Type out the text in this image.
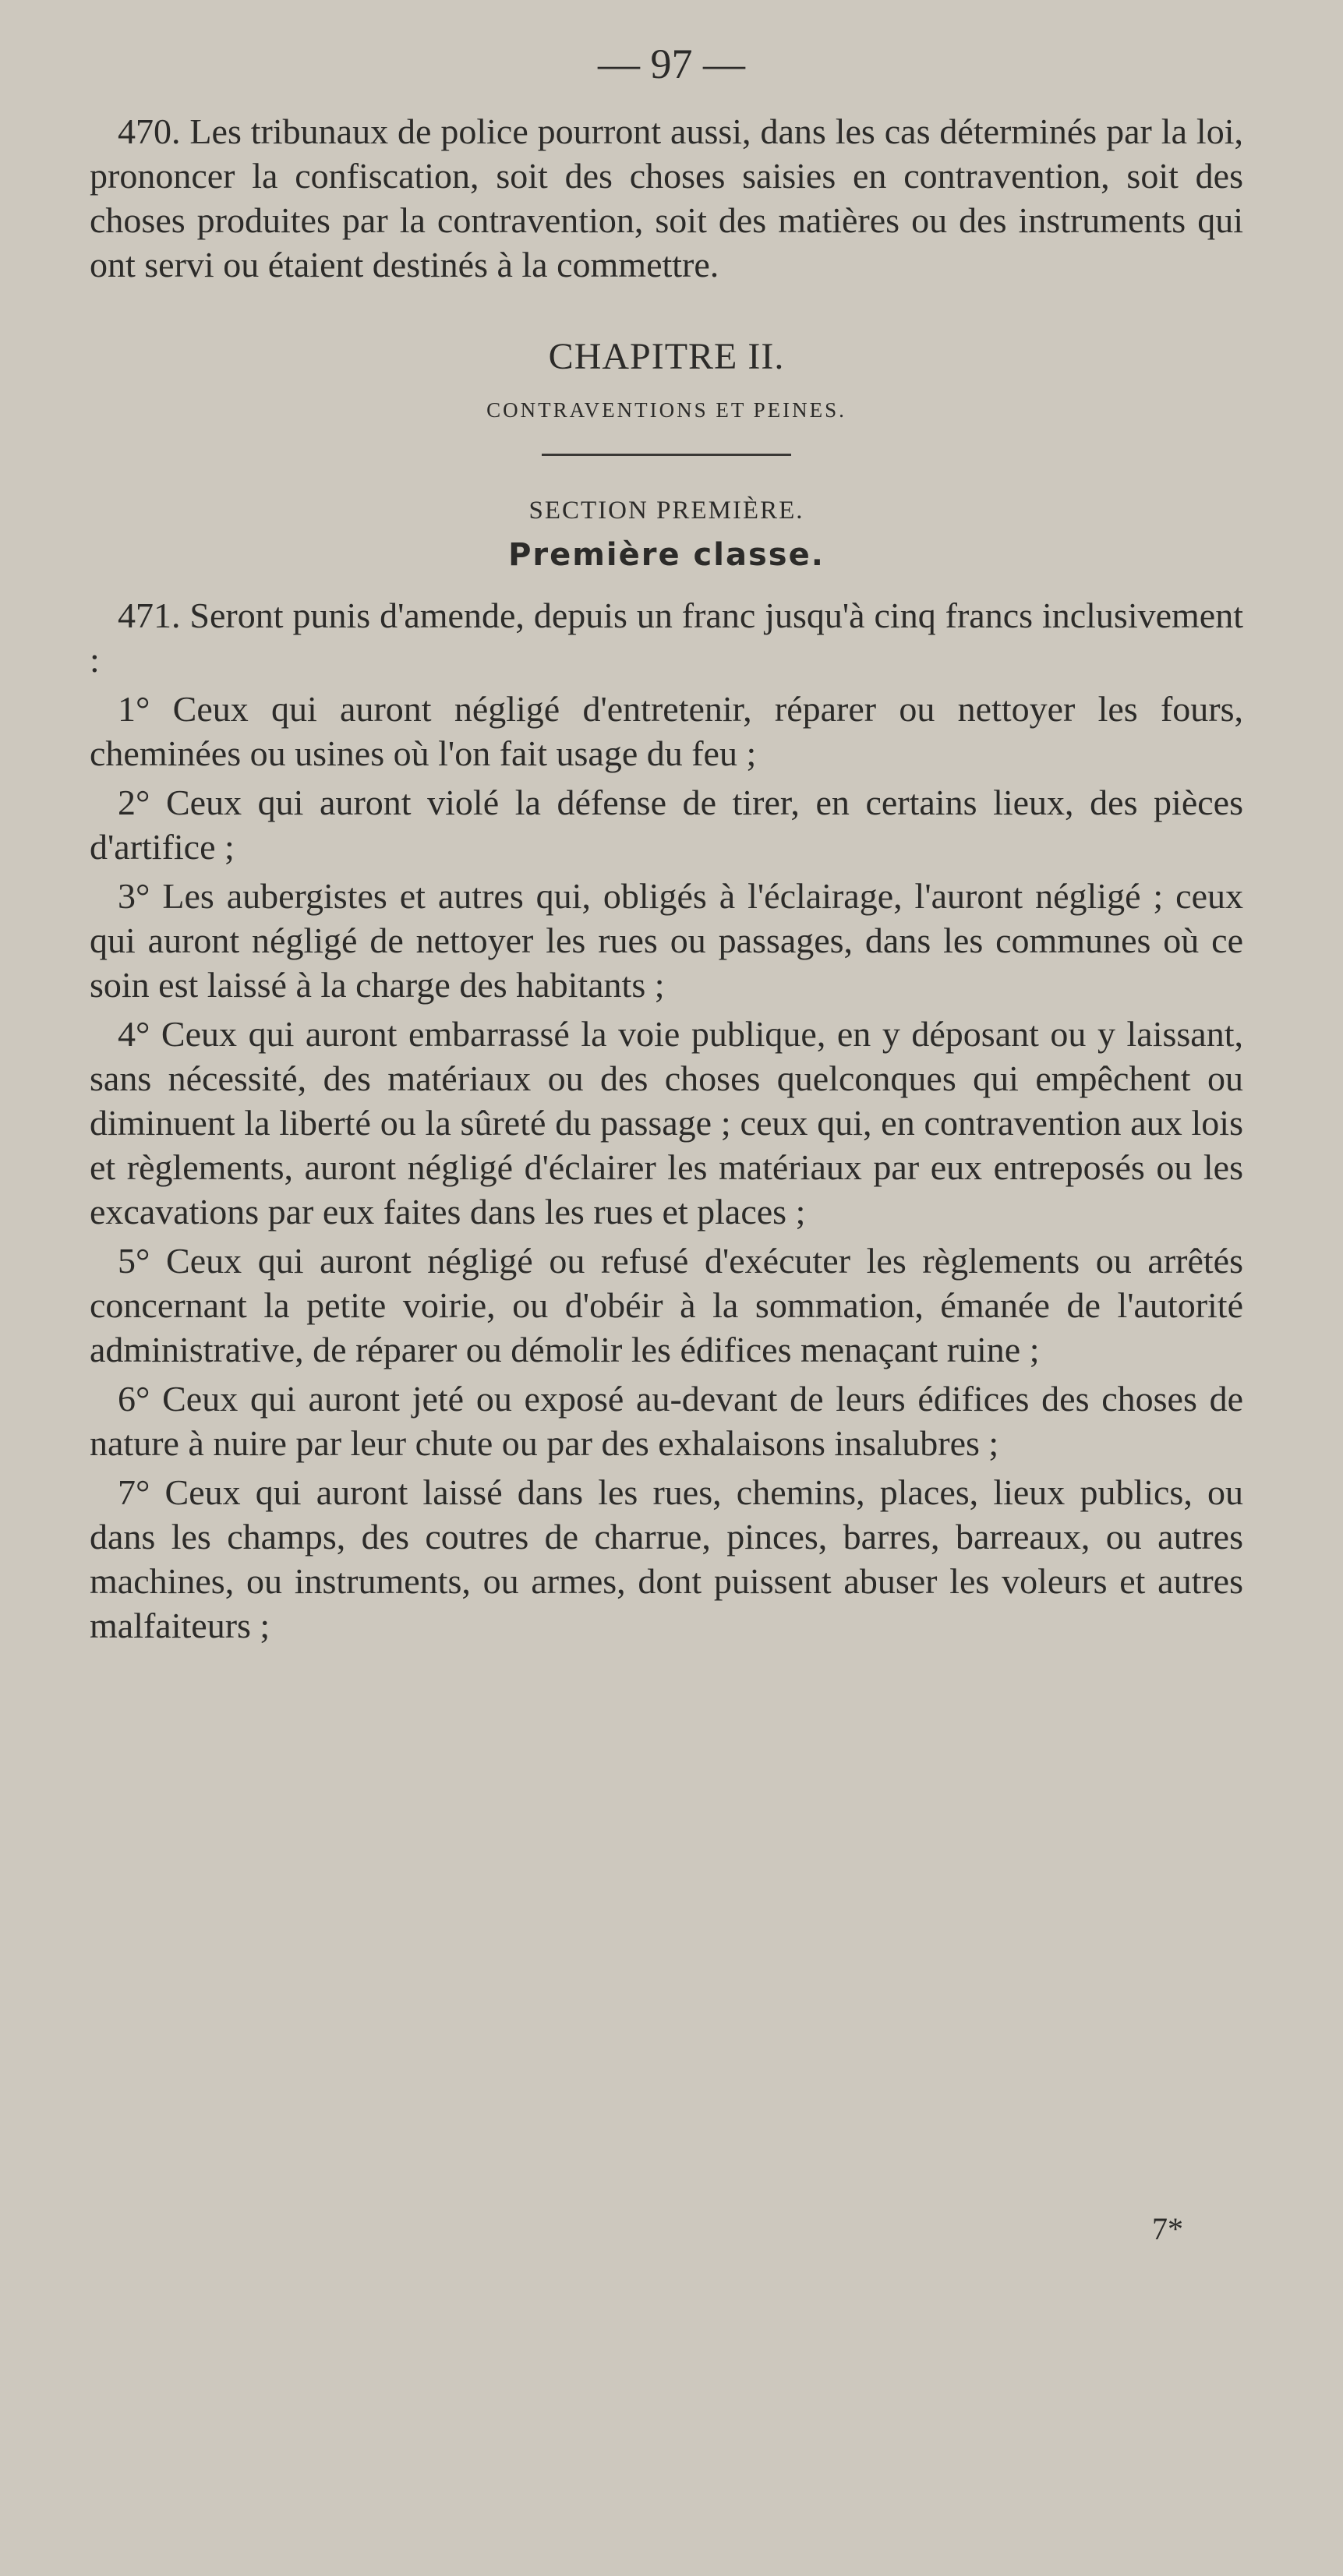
— 97 —

470. Les tribunaux de police pourront aussi, dans les cas déterminés par la loi, prononcer la confiscation, soit des choses saisies en contravention, soit des choses produites par la contravention, soit des matières ou des instruments qui ont servi ou étaient destinés à la commettre.

CHAPITRE II.
CONTRAVENTIONS ET PEINES.
SECTION PREMIÈRE.
Première classe.

471. Seront punis d'amende, depuis un franc jusqu'à cinq francs inclusivement :

1° Ceux qui auront négligé d'entretenir, réparer ou nettoyer les fours, cheminées ou usines où l'on fait usage du feu ;

2° Ceux qui auront violé la défense de tirer, en certains lieux, des pièces d'artifice ;

3° Les aubergistes et autres qui, obligés à l'éclairage, l'auront négligé ; ceux qui auront négligé de nettoyer les rues ou passages, dans les communes où ce soin est laissé à la charge des habitants ;

4° Ceux qui auront embarrassé la voie publique, en y déposant ou y laissant, sans nécessité, des matériaux ou des choses quelconques qui empêchent ou diminuent la liberté ou la sûreté du passage ; ceux qui, en contravention aux lois et règlements, auront négligé d'éclairer les matériaux par eux entreposés ou les excavations par eux faites dans les rues et places ;

5° Ceux qui auront négligé ou refusé d'exécuter les règlements ou arrêtés concernant la petite voirie, ou d'obéir à la sommation, émanée de l'autorité administrative, de réparer ou démolir les édifices menaçant ruine ;

6° Ceux qui auront jeté ou exposé au-devant de leurs édifices des choses de nature à nuire par leur chute ou par des exhalaisons insalubres ;

7° Ceux qui auront laissé dans les rues, chemins, places, lieux publics, ou dans les champs, des coutres de charrue, pinces, barres, barreaux, ou autres machines, ou instruments, ou armes, dont puissent abuser les voleurs et autres malfaiteurs ;

7*
